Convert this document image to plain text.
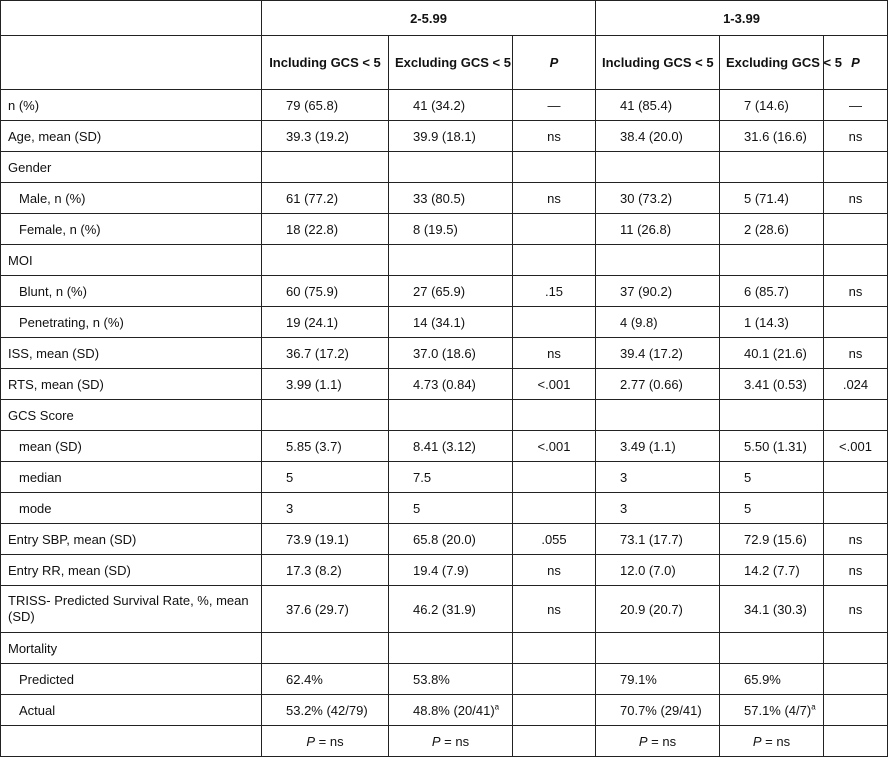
	2-5.99			1-3.99		
	Including GCS < 5	Excluding GCS < 5	P	Including GCS < 5	Excluding GCS < 5	P
n (%)	79 (65.8)	41 (34.2)	—	41 (85.4)	7 (14.6)	—
Age, mean (SD)	39.3 (19.2)	39.9 (18.1)	ns	38.4 (20.0)	31.6 (16.6)	ns
Gender						
Male, n (%)	61 (77.2)	33 (80.5)	ns	30 (73.2)	5 (71.4)	ns
Female, n (%)	18 (22.8)	8 (19.5)		11 (26.8)	2 (28.6)	
MOI						
Blunt, n (%)	60 (75.9)	27 (65.9)	.15	37 (90.2)	6 (85.7)	ns
Penetrating, n (%)	19 (24.1)	14 (34.1)		4 (9.8)	1 (14.3)	
ISS, mean (SD)	36.7 (17.2)	37.0 (18.6)	ns	39.4 (17.2)	40.1 (21.6)	ns
RTS, mean (SD)	3.99 (1.1)	4.73 (0.84)	<.001	2.77 (0.66)	3.41 (0.53)	.024
GCS Score						
mean (SD)	5.85 (3.7)	8.41 (3.12)	<.001	3.49 (1.1)	5.50 (1.31)	<.001
median	5	7.5		3	5	
mode	3	5		3	5	
Entry SBP, mean (SD)	73.9 (19.1)	65.8 (20.0)	.055	73.1 (17.7)	72.9 (15.6)	ns
Entry RR, mean (SD)	17.3 (8.2)	19.4 (7.9)	ns	12.0 (7.0)	14.2 (7.7)	ns
TRISS- Predicted Survival Rate, %, mean (SD)	37.6 (29.7)	46.2 (31.9)	ns	20.9 (20.7)	34.1 (30.3)	ns
Mortality						
Predicted	62.4%	53.8%		79.1%	65.9%	
Actual	53.2% (42/79)	48.8% (20/41)$^a$		70.7% (29/41)	57.1% (4/7)$^a$	
	P = ns	P = ns		P = ns	P = ns	
